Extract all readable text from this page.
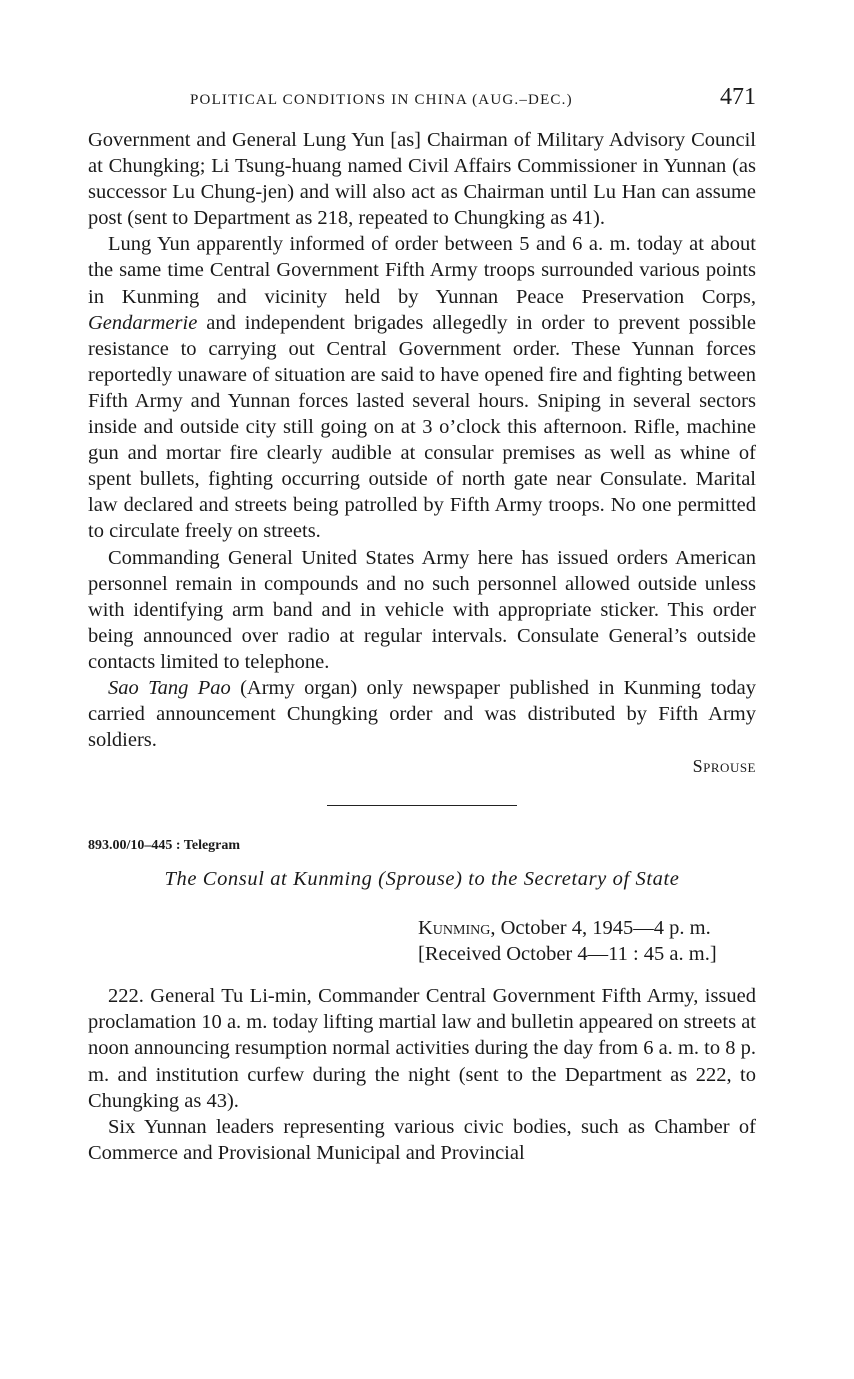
POLITICAL CONDITIONS IN CHINA (AUG.–DEC.)	471

Government and General Lung Yun [as] Chairman of Military Advisory Council at Chungking; Li Tsung-huang named Civil Affairs Commissioner in Yunnan (as successor Lu Chung-jen) and will also act as Chairman until Lu Han can assume post (sent to Department as 218, repeated to Chungking as 41).

Lung Yun apparently informed of order between 5 and 6 a. m. today at about the same time Central Government Fifth Army troops surrounded various points in Kunming and vicinity held by Yunnan Peace Preservation Corps, Gendarmerie and independent brigades allegedly in order to prevent possible resistance to carrying out Central Government order. These Yunnan forces reportedly unaware of situation are said to have opened fire and fighting between Fifth Army and Yunnan forces lasted several hours. Sniping in several sectors inside and outside city still going on at 3 o’clock this afternoon. Rifle, machine gun and mortar fire clearly audible at consular premises as well as whine of spent bullets, fighting occurring outside of north gate near Consulate. Marital law declared and streets being patrolled by Fifth Army troops. No one permitted to circulate freely on streets.

Commanding General United States Army here has issued orders American personnel remain in compounds and no such personnel allowed outside unless with identifying arm band and in vehicle with appropriate sticker. This order being announced over radio at regular intervals. Consulate General’s outside contacts limited to telephone.

Sao Tang Pao (Army organ) only newspaper published in Kunming today carried announcement Chungking order and was distributed by Fifth Army soldiers.

Sprouse
893.00/10–445 : Telegram
The Consul at Kunming (Sprouse) to the Secretary of State
Kunming, October 4, 1945—4 p. m.
[Received October 4—11 : 45 a. m.]

222. General Tu Li-min, Commander Central Government Fifth Army, issued proclamation 10 a. m. today lifting martial law and bulletin appeared on streets at noon announcing resumption normal activities during the day from 6 a. m. to 8 p. m. and institution curfew during the night (sent to the Department as 222, to Chungking as 43).

Six Yunnan leaders representing various civic bodies, such as Chamber of Commerce and Provisional Municipal and Provincial
